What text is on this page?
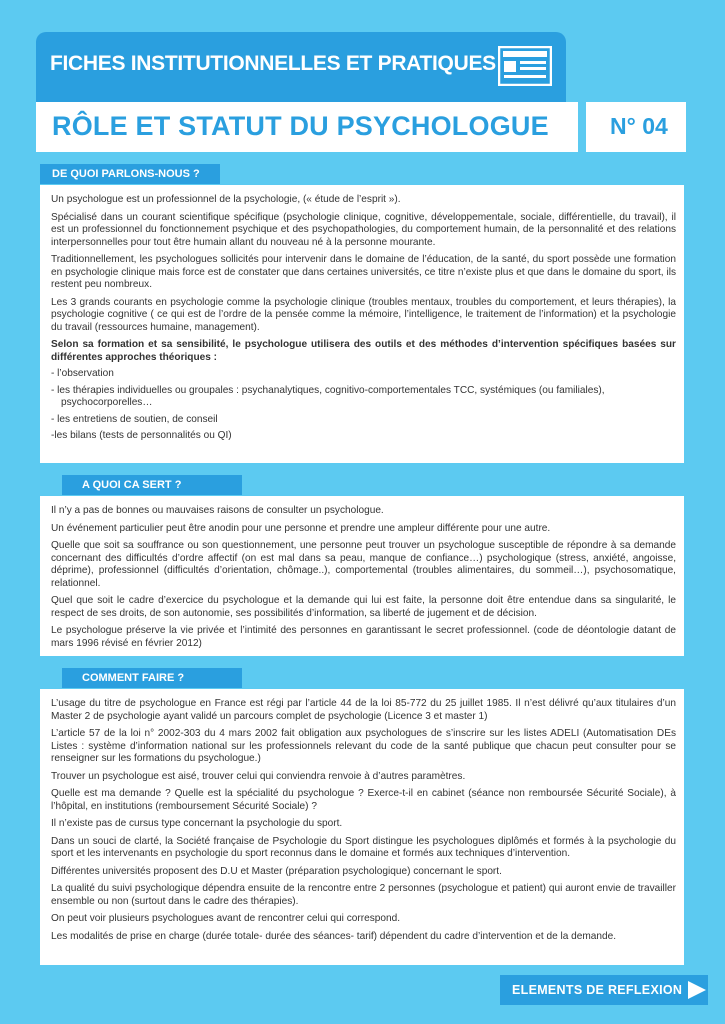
FICHES INSTITUTIONNELLES ET PRATIQUES
RÔLE ET STATUT DU PSYCHOLOGUE	N° 04
DE QUOI PARLONS-NOUS ?

Un psychologue est un professionnel de la psychologie, (« étude de l’esprit »).

Spécialisé dans un courant scientifique spécifique (psychologie clinique, cognitive, développementale, sociale, différentielle, du travail), il est un professionnel du fonctionnement psychique et des psychopathologies, du comportement humain, de la personnalité et des relations interpersonnelles pour tout être humain allant du nouveau né à la personne mourante.

Traditionnellement, les psychologues sollicités pour intervenir dans le domaine de l’éducation, de la santé, du sport possède une formation en psychologie clinique mais force est de constater que dans certaines universités, ce titre n’existe plus et que dans le domaine du sport, ils restent peu nombreux.

Les 3 grands courants en psychologie comme la psychologie clinique (troubles mentaux, troubles du comportement, et leurs thérapies), la psychologie cognitive ( ce qui est de l’ordre de la pensée comme la mémoire, l’intelligence, le traitement de l’information) et la psychologie du travail (ressources humaine, management).

Selon sa formation et sa sensibilité, le psychologue utilisera des outils et des méthodes d’intervention spécifiques basées sur différentes approches théoriques :

- l’observation

- les thérapies individuelles ou groupales : psychanalytiques, cognitivo-comportementales TCC, systémiques (ou familiales),
psychocorporelles…

- les entretiens de soutien, de conseil

-les bilans (tests de personnalités ou QI)

A QUOI CA SERT ?

Il n’y a pas de bonnes ou mauvaises raisons de consulter un psychologue.

Un événement particulier peut être anodin pour une personne et prendre une ampleur différente pour une autre.

Quelle que soit sa souffrance ou son questionnement, une personne peut trouver un psychologue susceptible de répondre à sa demande concernant des difficultés d’ordre affectif (on est mal dans sa peau, manque de confiance…) psychologique (stress, anxiété, angoisse, déprime), professionnel (difficultés d’orientation, chômage..), comportemental (troubles alimentaires, du sommeil…), psychosomatique, relationnel.

Quel que soit le cadre d’exercice du psychologue et la demande qui lui est faite, la personne doit être entendue dans sa singularité, le respect de ses droits, de son autonomie, ses possibilités d’information, sa liberté de jugement et de décision.

Le psychologue préserve la vie privée et l’intimité des personnes en garantissant le secret professionnel. (code de déontologie datant de mars 1996 révisé en février 2012)

COMMENT FAIRE ?

L’usage du titre de psychologue en France est régi par l’article 44 de la loi 85-772 du 25 juillet 1985. Il n’est délivré qu’aux titulaires d’un Master 2 de psychologie ayant validé un parcours complet de psychologie (Licence 3 et master 1)

L’article 57 de la loi n° 2002-303 du 4 mars 2002 fait obligation aux psychologues de s’inscrire sur les listes ADELI (Automatisation DEs Listes : système d’information national sur les professionnels relevant du code de la santé publique que chacun peut consulter pour se renseigner sur les formations du psychologue.)

Trouver un psychologue est aisé, trouver celui qui conviendra renvoie à d’autres paramètres.

Quelle est ma demande ? Quelle est la spécialité du psychologue ? Exerce-t-il en cabinet (séance non remboursée Sécurité Sociale), à l’hôpital, en institutions (remboursement Sécurité Sociale) ?

Il n’existe pas de cursus type concernant la psychologie du sport.

Dans un souci de clarté, la Société française de Psychologie du Sport distingue les psychologues diplômés et formés à la psychologie du sport et les intervenants en psychologie du sport reconnus dans le domaine et formés aux techniques d’intervention.

Différentes universités proposent des D.U et Master (préparation psychologique) concernant le sport.

La qualité du suivi psychologique dépendra ensuite de la rencontre entre 2 personnes (psychologue et patient) qui auront envie de travailler ensemble ou non (surtout dans le cadre des thérapies).

On peut voir plusieurs psychologues avant de rencontrer celui qui correspond.

Les modalités de prise en charge (durée totale- durée des séances- tarif) dépendent du cadre d’intervention et de la demande.

ELEMENTS DE REFLEXION
